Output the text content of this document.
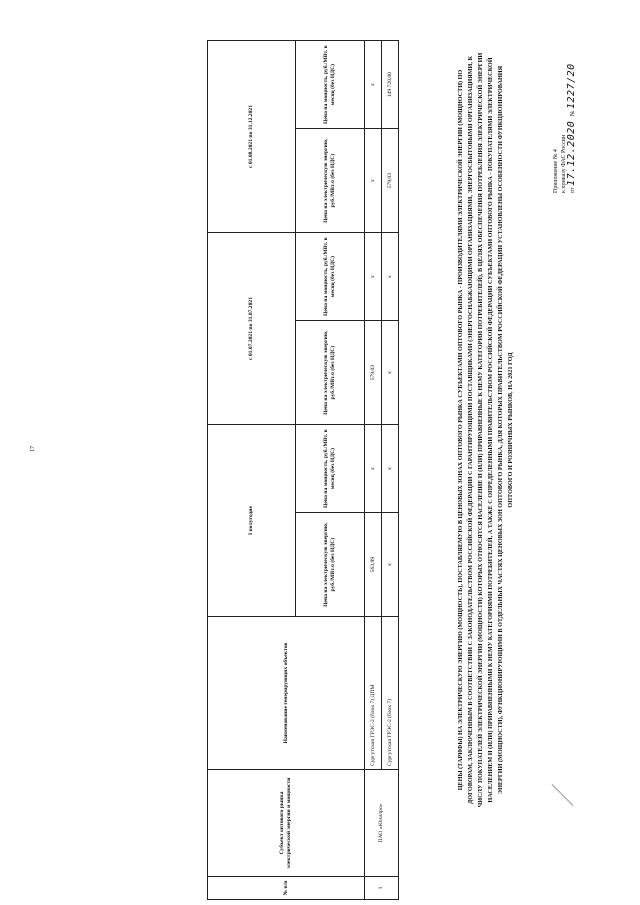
17
Приложение № 4 к приказу ФАС России от 17.12.2020   № 1227/20
ЦЕНЫ (ТАРИФЫ) НА ЭЛЕКТРИЧЕСКУЮ ЭНЕРГИЮ (МОЩНОСТЬ), ПОСТАВЛЯЕМУЮ В ЦЕНОВЫХ ЗОНАХ ОПТОВОГО РЫНКА СУБЪЕКТАМИ ОПТОВОГО РЫНКА - ПРОИЗВОДИТЕЛЯМИ ЭЛЕКТРИЧЕСКОЙ ЭНЕРГИИ (МОЩНОСТИ) ПО ДОГОВОРАМ, ЗАКЛЮЧЕННЫМ В СООТВЕТСТВИИ С ЗАКОНОДАТЕЛЬСТВОМ РОССИЙСКОЙ ФЕДЕРАЦИИ С ГАРАНТИРУЮЩИМИ ПОСТАВЩИКАМИ (ЭНЕРГОСНАБЖАЮЩИМИ ОРГАНИЗАЦИЯМИ, ЭНЕРГОСБЫТОВЫМИ ОРГАНИЗАЦИЯМИ, К ЧИСЛУ ПОКУПАТЕЛЕЙ ЭЛЕКТРИЧЕСКОЙ ЭНЕРГИИ (МОЩНОСТИ) КОТОРЫХ ОТНОСЯТСЯ НАСЕЛЕНИЕ И (ИЛИ) ПРИРАВНЕННЫЕ К НЕМУ КАТЕГОРИИ ПОТРЕБИТЕЛЕЙ), В ЦЕЛЯХ ОБЕСПЕЧЕНИЯ ПОТРЕБЛЕНИЯ ЭЛЕКТРИЧЕСКОЙ ЭНЕРГИИ НАСЕЛЕНИЕМ И (ИЛИ) ПРИРАВНЕННЫМИ К НЕМУ КАТЕГОРИЯМИ ПОТРЕБИТЕЛЕЙ, А ТАКЖЕ С ОПРЕДЕЛЕННЫМИ ПРАВИТЕЛЬСТВОМ РОССИЙСКОЙ ФЕДЕРАЦИИ СУБЪЕКТАМИ ОПТОВОГО РЫНКА - ПОКУПАТЕЛЯМИ ЭЛЕКТРИЧЕСКОЙ ЭНЕРГИИ (МОЩНОСТИ), ФУНКЦИОНИРУЮЩИМИ В ОТДЕЛЬНЫХ ЧАСТЯХ ЦЕНОВЫХ ЗОН ОПТОВОГО РЫНКА, ДЛЯ КОТОРЫХ ПРАВИТЕЛЬСТВОМ РОССИЙСКОЙ ФЕДЕРАЦИИ УСТАНОВЛЕНЫ ОСОБЕННОСТИ ФУНКЦИОНИРОВАНИЯ ОПТОВОГО И РОЗНИЧНЫХ РЫНКОВ, НА 2021 ГОД
№ п/п	Субъект оптового рынка электрической энергии и мощности	Наименование генерирующих объектов	I полугодие		с 01.07.2021 по 31.07.2021		с 01.08.2021 по 31.12.2021	
			Цена на электрическую энергию, руб./МВт.ч (без НДС)	Цена на мощность, руб./МВт. в месяц (без НДС)	Цена на электрическую энергию, руб./МВт.ч (без НДС)	Цена на мощность, руб./МВт. в месяц (без НДС)	Цена на электрическую энергию, руб./МВт.ч (без НДС)	Цена на мощность, руб./МВт. в месяц (без НДС)
1	ПАО «Юнипро»	Сургутская ГРЭС-2 (блок 7) ДПМ	563,99	х	579,03	х	х	х
		Сургутская ГРЭС-2 (блок 7)	х	х	х	х	579,03	149 720,00
